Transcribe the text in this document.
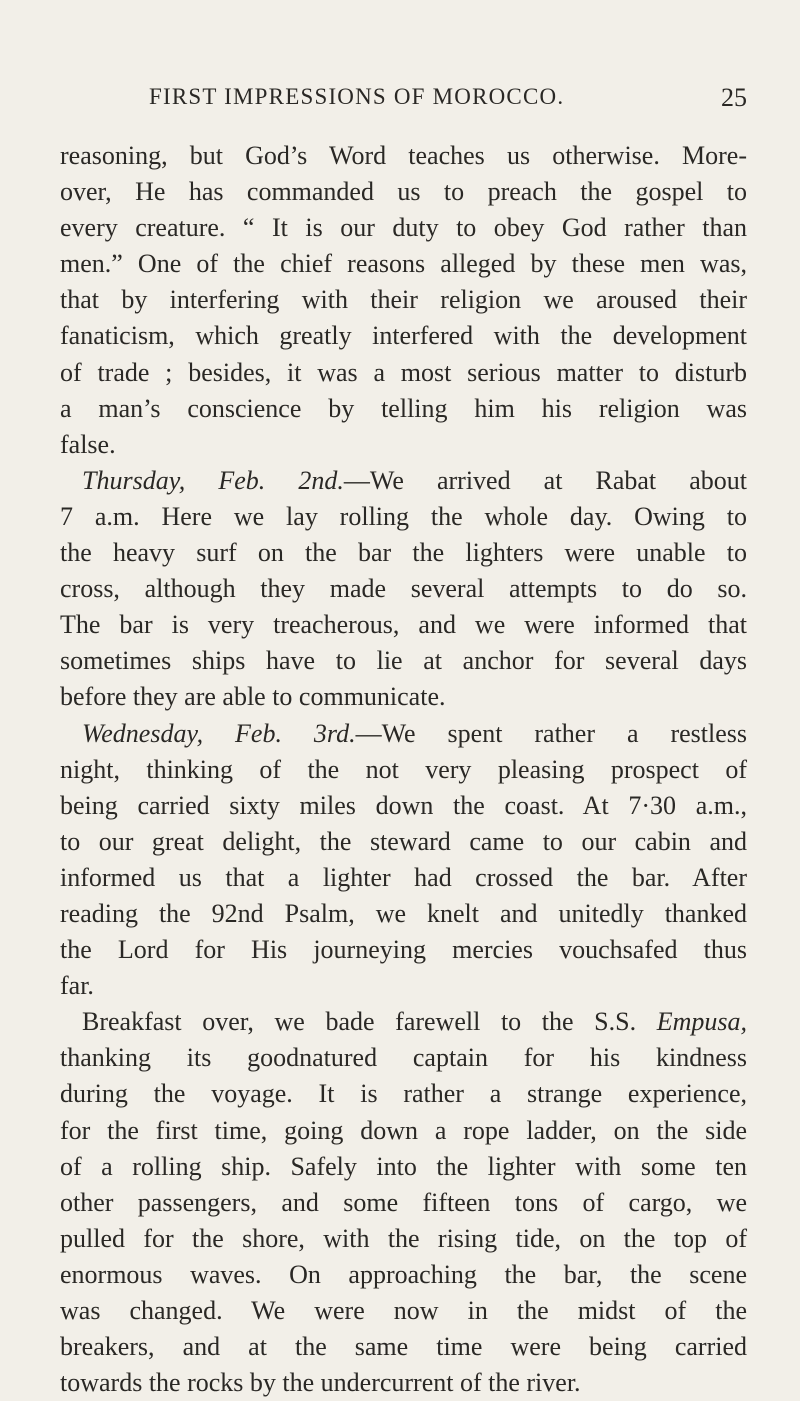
FIRST IMPRESSIONS OF MOROCCO.	25
reasoning, but God’s Word teaches us otherwise. More-
over, He has commanded us to preach the gospel to
every creature. “ It is our duty to obey God rather than
men.” One of the chief reasons alleged by these men was,
that by interfering with their religion we aroused their
fanaticism, which greatly interfered with the development
of trade ; besides, it was a most serious matter to disturb
a man’s conscience by telling him his religion was
false.
Thursday, Feb. 2nd.—We arrived at Rabat about
7 a.m. Here we lay rolling the whole day. Owing to
the heavy surf on the bar the lighters were unable to
cross, although they made several attempts to do so.
The bar is very treacherous, and we were informed that
sometimes ships have to lie at anchor for several days
before they are able to communicate.
Wednesday, Feb. 3rd.—We spent rather a restless
night, thinking of the not very pleasing prospect of
being carried sixty miles down the coast. At 7·30 a.m.,
to our great delight, the steward came to our cabin and
informed us that a lighter had crossed the bar. After
reading the 92nd Psalm, we knelt and unitedly thanked
the Lord for His journeying mercies vouchsafed thus
far.
Breakfast over, we bade farewell to the S.S. Empusa,
thanking its goodnatured captain for his kindness
during the voyage. It is rather a strange experience,
for the first time, going down a rope ladder, on the side
of a rolling ship. Safely into the lighter with some ten
other passengers, and some fifteen tons of cargo, we
pulled for the shore, with the rising tide, on the top of
enormous waves. On approaching the bar, the scene
was changed. We were now in the midst of the
breakers, and at the same time were being carried
towards the rocks by the undercurrent of the river.
